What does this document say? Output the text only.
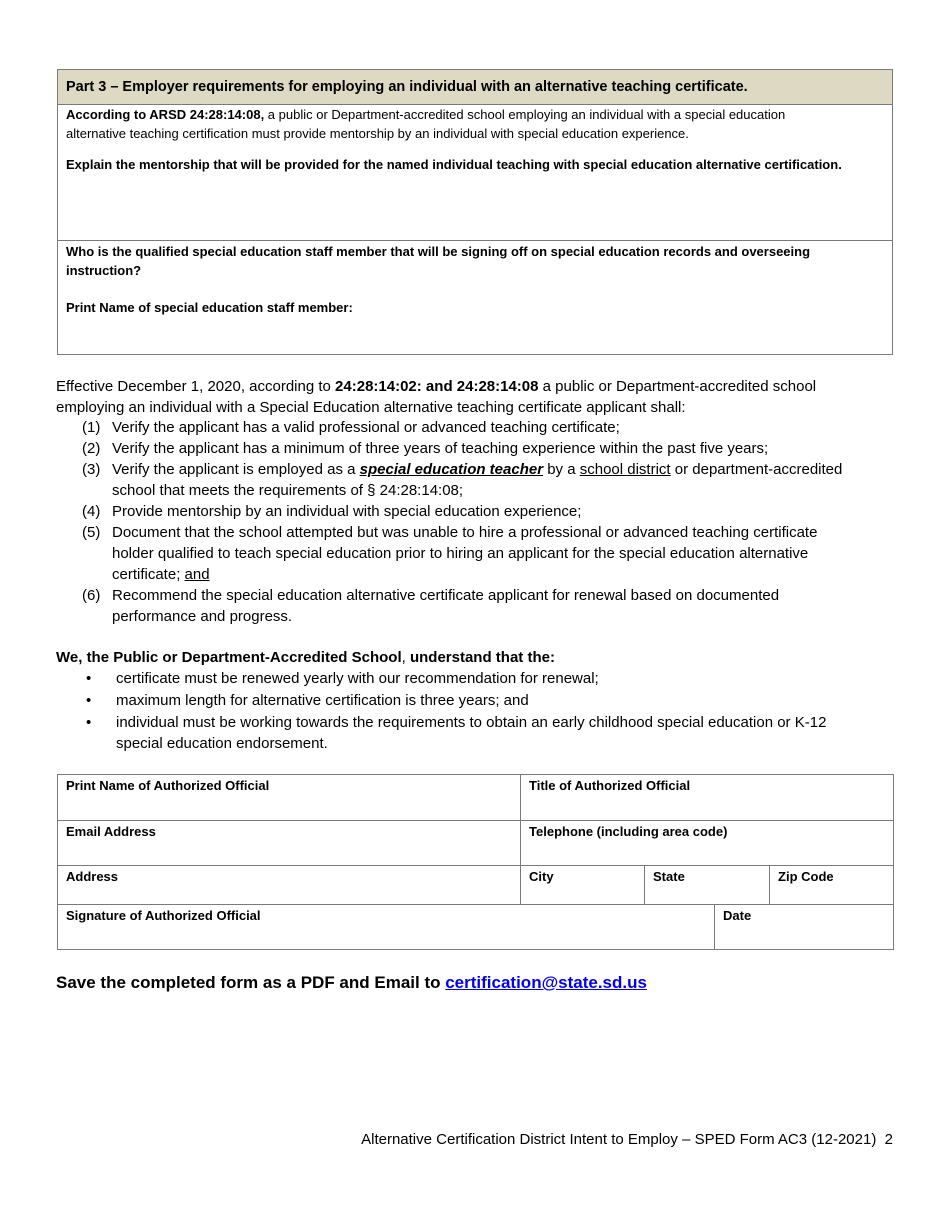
Part 3 – Employer requirements for employing an individual with an alternative teaching certificate.
According to ARSD 24:28:14:08, a public or Department-accredited school employing an individual with a special education
alternative teaching certification must provide mentorship by an individual with special education experience.
Explain the mentorship that will be provided for the named individual teaching with special education alternative certification.
Who is the qualified special education staff member that will be signing off on special education records and overseeing
instruction?
Print Name of special education staff member:
Effective December 1, 2020, according to 24:28:14:02: and 24:28:14:08 a public or Department-accredited school
employing an individual with a Special Education alternative teaching certificate applicant shall:
(1) Verify the applicant has a valid professional or advanced teaching certificate;
(2) Verify the applicant has a minimum of three years of teaching experience within the past five years;
(3) Verify the applicant is employed as a special education teacher by a school district or department-accredited
school that meets the requirements of § 24:28:14:08;
(4) Provide mentorship by an individual with special education experience;
(5) Document that the school attempted but was unable to hire a professional or advanced teaching certificate
holder qualified to teach special education prior to hiring an applicant for the special education alternative
certificate; and
(6) Recommend the special education alternative certificate applicant for renewal based on documented
performance and progress.
We, the Public or Department-Accredited School, understand that the:
• certificate must be renewed yearly with our recommendation for renewal;
• maximum length for alternative certification is three years; and
• individual must be working towards the requirements to obtain an early childhood special education or K-12
special education endorsement.
Print Name of Authorized Official	Title of Authorized Official			
Email Address	Telephone (including area code)			
Address	City	State		Zip Code
Signature of Authorized Official			Date	
Save the completed form as a PDF and Email to certification@state.sd.us
Alternative Certification District Intent to Employ – SPED Form AC3 (12-2021) 2
